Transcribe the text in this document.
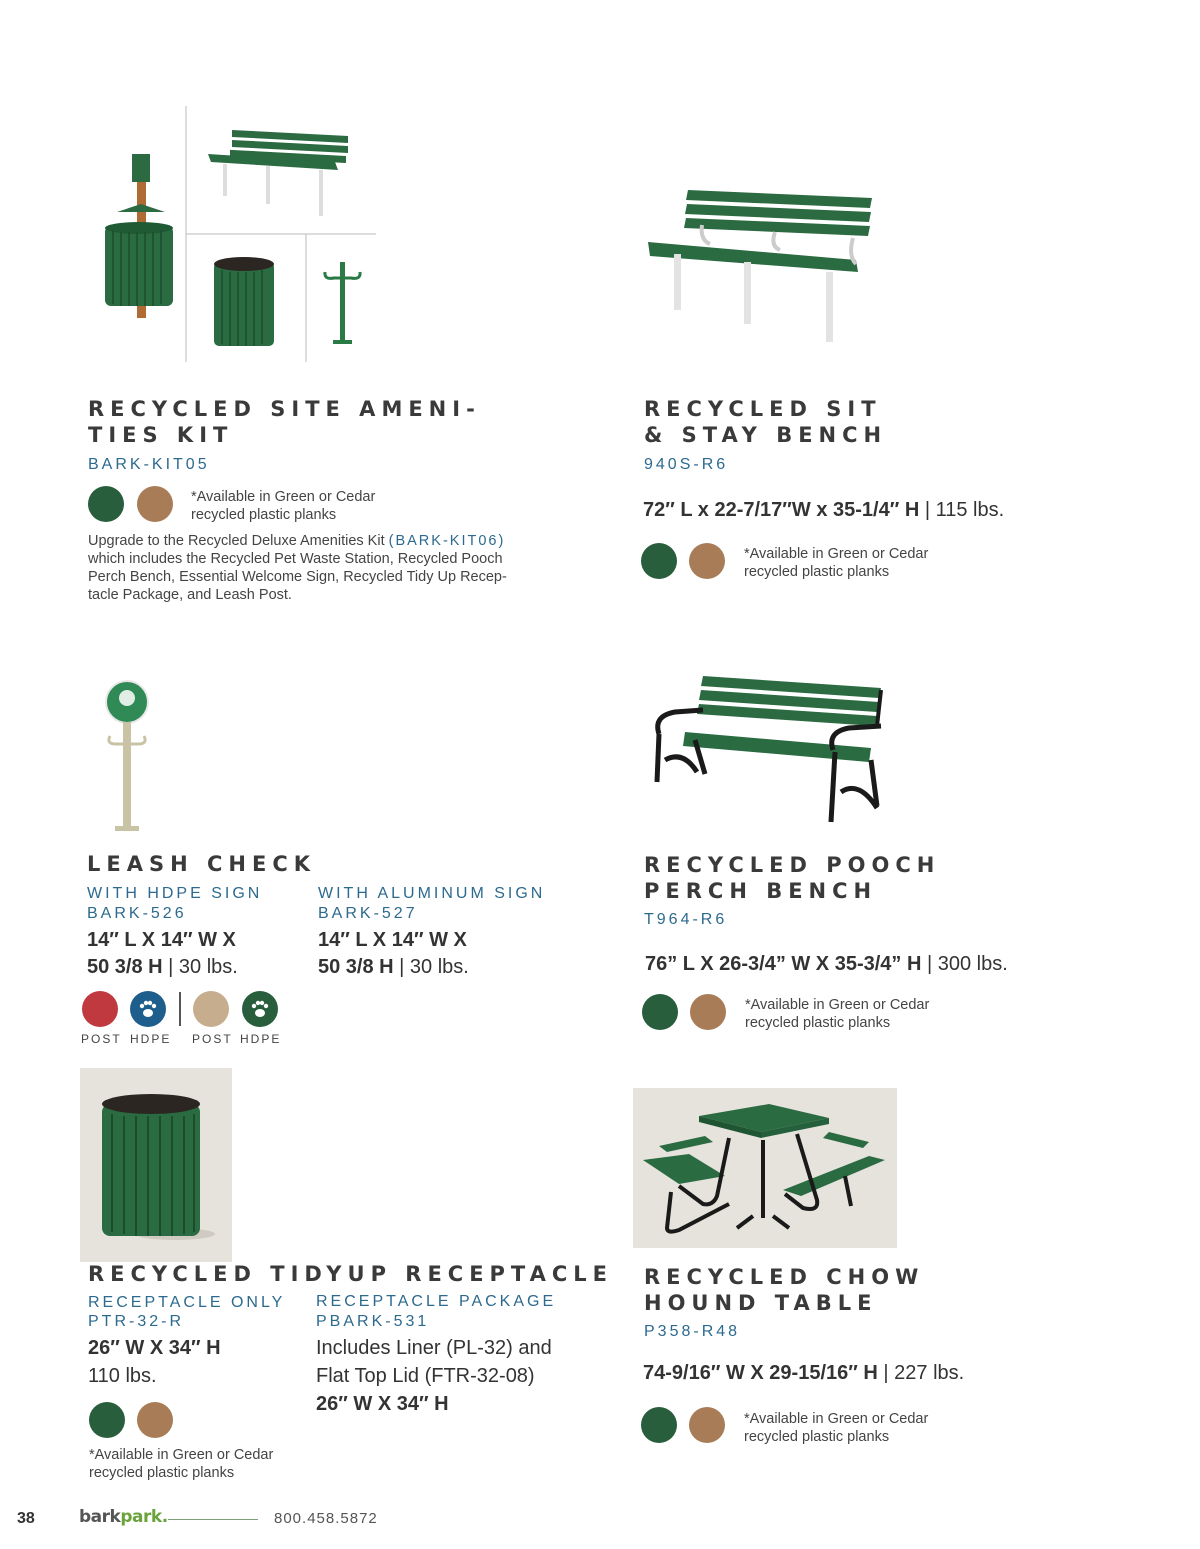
RECYCLED SITE AMENI-
TIES KIT
BARK-KIT05
*Available in Green or Cedar
recycled plastic planks
Upgrade to the Recycled Deluxe Amenities Kit (BARK-KIT06)
which includes the Recycled Pet Waste Station, Recycled Pooch
Perch Bench, Essential Welcome Sign, Recycled Tidy Up Recep-
tacle Package, and Leash Post.
RECYCLED SIT
& STAY BENCH
940S-R6
72″ L x 22-7/17″W x 35-1/4″ H | 115 lbs.
*Available in Green or Cedar
recycled plastic planks
LEASH CHECK
WITH HDPE SIGN
BARK-526
14″ L X 14″ W X
50 3/8 H | 30 lbs.
WITH ALUMINUM SIGN
BARK-527
14″ L X 14″ W X
50 3/8 H | 30 lbs.
POST HDPE POST HDPE
RECYCLED POOCH
PERCH BENCH
T964-R6
76” L X 26-3/4” W X 35-3/4” H | 300 lbs.
*Available in Green or Cedar
recycled plastic planks
RECYCLED TIDYUP RECEPTACLE
RECEPTACLE ONLY
PTR-32-R
26″ W X 34″ H
110 lbs.
RECEPTACLE PACKAGE
PBARK-531
Includes Liner (PL-32) and
Flat Top Lid (FTR-32-08)
26″ W X 34″ H
*Available in Green or Cedar
recycled plastic planks
RECYCLED CHOW
HOUND TABLE
P358-R48
74-9/16″ W X 29-15/16″ H | 227 lbs.
*Available in Green or Cedar
recycled plastic planks
38	barkpark.	800.458.5872
